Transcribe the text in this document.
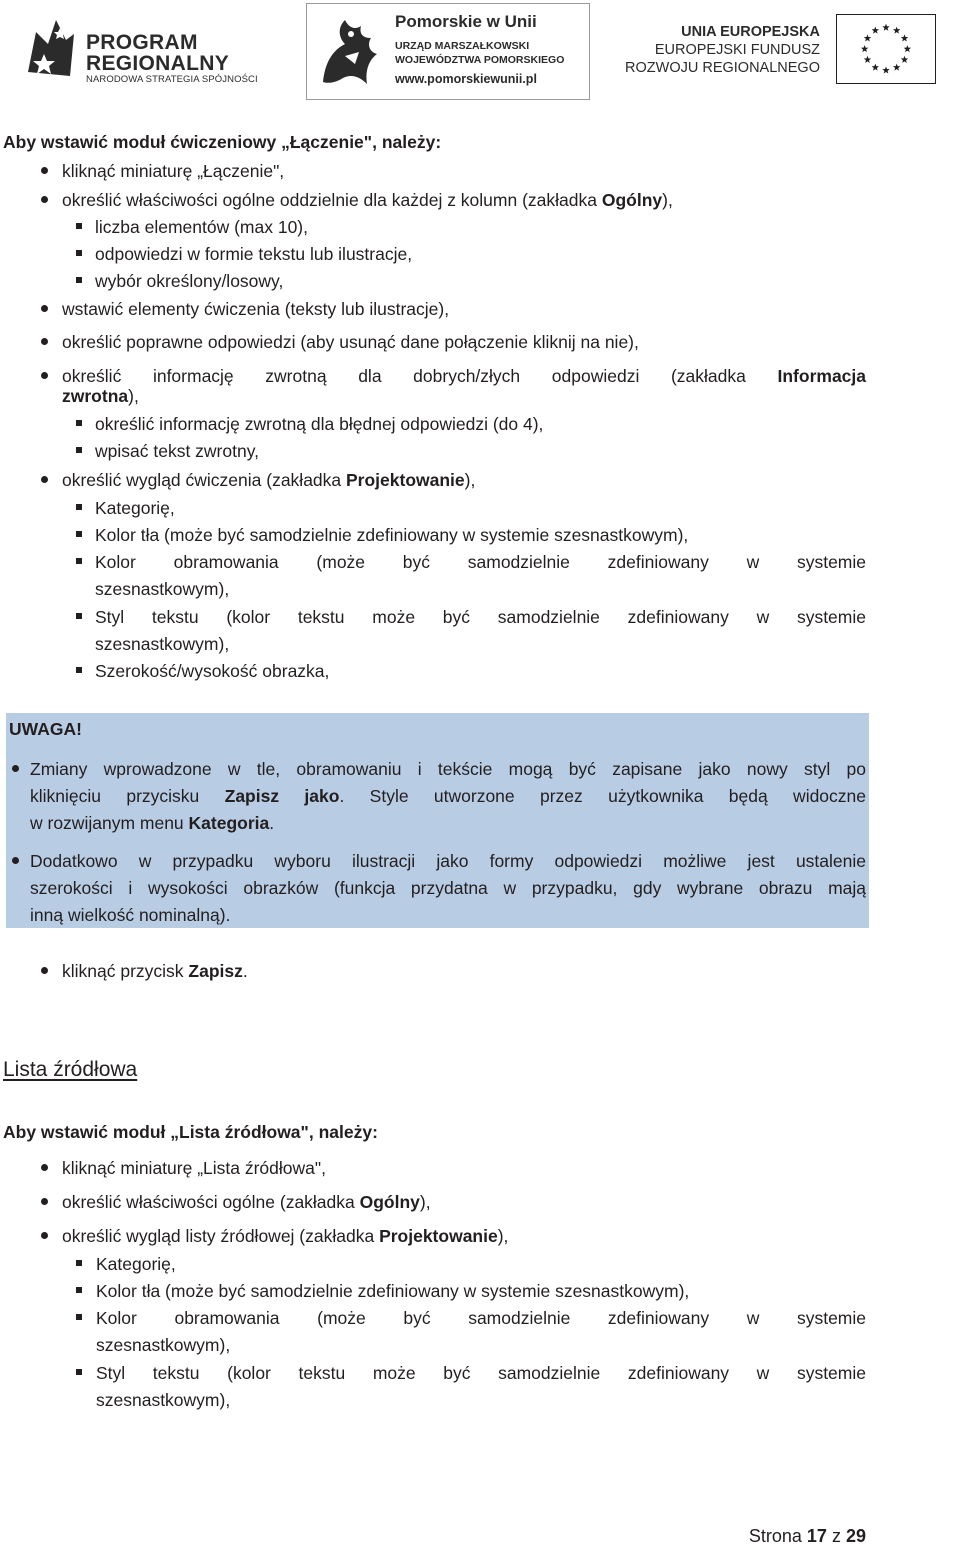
PROGRAM
REGIONALNY
NARODOWA STRATEGIA SPÓJNOŚCI
Pomorskie w Unii
URZĄD MARSZAŁKOWSKI
WOJEWÓDZTWA POMORSKIEGO
www.pomorskiewunii.pl
UNIA EUROPEJSKA
EUROPEJSKI FUNDUSZ
ROZWOJU REGIONALNEGO
Aby wstawić moduł ćwiczeniowy „Łączenie", należy:
kliknąć miniaturę „Łączenie",
określić właściwości ogólne oddzielnie dla każdej z kolumn (zakładka Ogólny),
liczba elementów (max 10),
odpowiedzi w formie tekstu lub ilustracje,
wybór określony/losowy,
wstawić elementy ćwiczenia (teksty lub ilustracje),
określić poprawne odpowiedzi (aby usunąć dane połączenie kliknij na nie),
określić informację zwrotną dla dobrych/złych odpowiedzi (zakładka Informacja
zwrotna),
określić informację zwrotną dla błędnej odpowiedzi (do 4),
wpisać tekst zwrotny,
określić wygląd ćwiczenia (zakładka Projektowanie),
Kategorię,
Kolor tła (może być samodzielnie zdefiniowany w systemie szesnastkowym),
Kolor obramowania (może być samodzielnie zdefiniowany w systemie
szesnastkowym),
Styl tekstu (kolor tekstu może być samodzielnie zdefiniowany w systemie
szesnastkowym),
Szerokość/wysokość obrazka,
UWAGA!
Zmiany wprowadzone w tle, obramowaniu i tekście mogą być zapisane jako nowy styl po
kliknięciu przycisku Zapisz jako. Style utworzone przez użytkownika będą widoczne
w rozwijanym menu Kategoria.
Dodatkowo w przypadku wyboru ilustracji jako formy odpowiedzi możliwe jest ustalenie
szerokości i wysokości obrazków (funkcja przydatna w przypadku, gdy wybrane obrazu mają
inną wielkość nominalną).
kliknąć przycisk Zapisz.
Lista źródłowa
Aby wstawić moduł „Lista źródłowa", należy:
kliknąć miniaturę „Lista źródłowa",
określić właściwości ogólne (zakładka Ogólny),
określić wygląd listy źródłowej (zakładka Projektowanie),
Kategorię,
Kolor tła (może być samodzielnie zdefiniowany w systemie szesnastkowym),
Kolor obramowania (może być samodzielnie zdefiniowany w systemie
szesnastkowym),
Styl tekstu (kolor tekstu może być samodzielnie zdefiniowany w systemie
szesnastkowym),
Strona 17 z 29
